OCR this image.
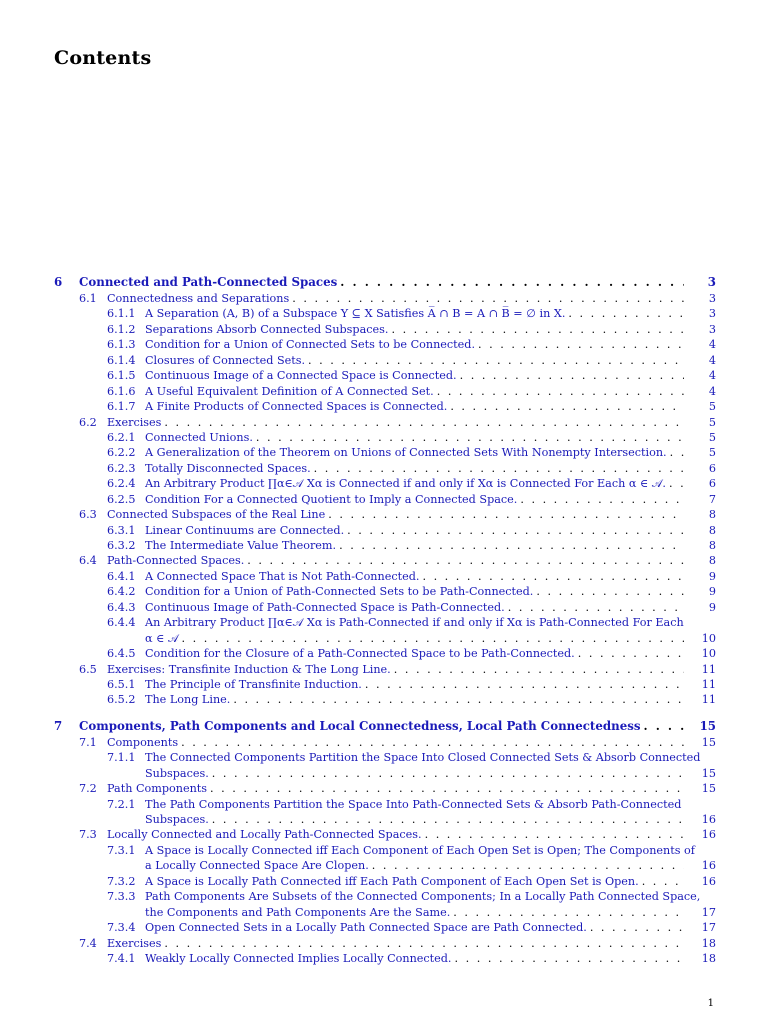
Contents
6 Connected and Path-Connected Spaces . . .	3
6.1 Connectedness and Separations . . .	3
6.1.1 A Separation (A, B) of a Subspace Y ⊆ X Satisfies A̅ ∩ B = A ∩ B̅ = ∅ in X. . . .	3
6.1.2 Separations Absorb Connected Subspaces. . . .	3
6.1.3 Condition for a Union of Connected Sets to be Connected. . . .	4
6.1.4 Closures of Connected Sets. . . .	4
6.1.5 Continuous Image of a Connected Space is Connected. . . .	4
6.1.6 A Useful Equivalent Definition of A Connected Set. . . .	4
6.1.7 A Finite Products of Connected Spaces is Connected. . . .	5
6.2 Exercises . . .	5
6.2.1 Connected Unions. . . .	5
6.2.2 A Generalization of the Theorem on Unions of Connected Sets With Nonempty Intersection. . . .	5
6.2.3 Totally Disconnected Spaces. . . .	6
6.2.4 An Arbitrary Product ∏α∈𝒜 Xα is Connected if and only if Xα is Connected For Each α ∈ 𝒜. . . .	6
6.2.5 Condition For a Connected Quotient to Imply a Connected Space. . . .	7
6.3 Connected Subspaces of the Real Line . . .	8
6.3.1 Linear Continuums are Connected. . . .	8
6.3.2 The Intermediate Value Theorem. . . .	8
6.4 Path-Connected Spaces. . . .	8
6.4.1 A Connected Space That is Not Path-Connected. . . .	9
6.4.2 Condition for a Union of Path-Connected Sets to be Path-Connected. . . .	9
6.4.3 Continuous Image of Path-Connected Space is Path-Connected. . . .	9
6.4.4 An Arbitrary Product ∏α∈𝒜 Xα is Path-Connected if and only if Xα is Path-Connected For Each
α ∈ 𝒜 . . .	10
6.4.5 Condition for the Closure of a Path-Connected Space to be Path-Connected. . . .	10
6.5 Exercises: Transfinite Induction & The Long Line. . . .	11
6.5.1 The Principle of Transfinite Induction. . . .	11
6.5.2 The Long Line. . . .	11
7 Components, Path Components and Local Connectedness, Local Path Connectedness . . .	15
7.1 Components . . .	15
7.1.1 The Connected Components Partition the Space Into Closed Connected Sets & Absorb Connected
Subspaces. . . .	15
7.2 Path Components . . .	15
7.2.1 The Path Components Partition the Space Into Path-Connected Sets & Absorb Path-Connected
Subspaces. . . .	16
7.3 Locally Connected and Locally Path-Connected Spaces. . . .	16
7.3.1 A Space is Locally Connected iff Each Component of Each Open Set is Open; The Components of
a Locally Connected Space Are Clopen. . . .	16
7.3.2 A Space is Locally Path Connected iff Each Path Component of Each Open Set is Open. . . .	16
7.3.3 Path Components Are Subsets of the Connected Components; In a Locally Path Connected Space,
the Components and Path Components Are the Same. . . .	17
7.3.4 Open Connected Sets in a Locally Path Connected Space are Path Connected. . . .	17
7.4 Exercises . . .	18
7.4.1 Weakly Locally Connected Implies Locally Connected. . . .	18
1
